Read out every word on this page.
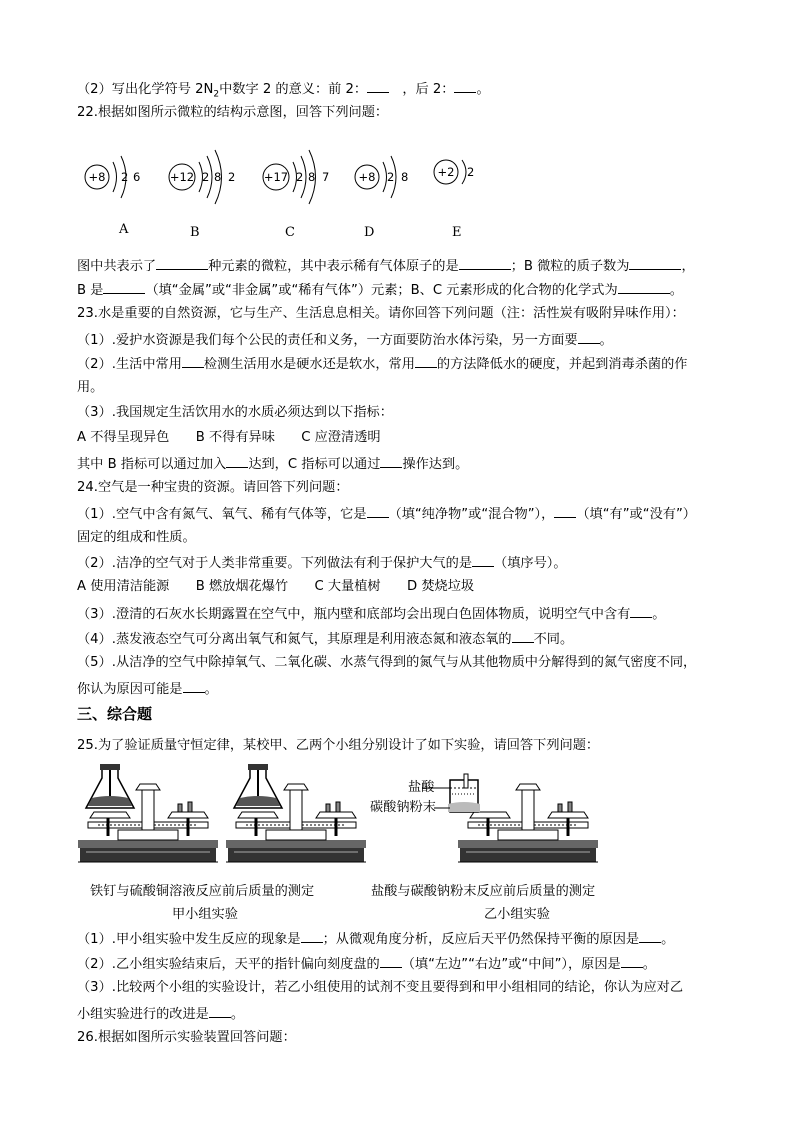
（2）写出化学符号 $2N_2$中数字 2 的意义：前 2：　	，后 2： 。
22.根据如图所示微粒的结构示意图，回答下列问题：
+8 2 6	+12 2 8 2 +17 2 8 7	+8 2 8	+2 2
A	B	C	D	E
图中共表示了	种元素的微粒，其中表示稀有气体原子的是	；B 微粒的质子数为	，
B 是	（填“金属”或“非金属”或“稀有气体”）元素；B、C 元素形成的化合物的化学式为	。
23.水是重要的自然资源，它与生产、生活息息相关。请你回答下列问题（注：活性炭有吸附异味作用）：
（1）.爱护水资源是我们每个公民的责任和义务，一方面要防治水体污染，另一方面要 。
（2）.生活中常用 检测生活用水是硬水还是软水，常用 的方法降低水的硬度，并起到消毒杀菌的作
用。
（3）.我国规定生活饮用水的水质必须达到以下指标：
A 不得呈现异色　　B 不得有异味　　C 应澄清透明
其中 B 指标可以通过加入 达到，C 指标可以通过 操作达到。
24.空气是一种宝贵的资源。请回答下列问题：
（1）.空气中含有氮气、氧气、稀有气体等，它是 （填“纯净物”或“混合物”）， （填“有”或“没有”）
固定的组成和性质。
（2）.洁净的空气对于人类非常重要。下列做法有利于保护大气的是 （填序号）。
A 使用清洁能源　　B 燃放烟花爆竹　　C 大量植树　　D 焚烧垃圾
（3）.澄清的石灰水长期露置在空气中，瓶内壁和底部均会出现白色固体物质，说明空气中含有 。
（4）.蒸发液态空气可分离出氧气和氮气，其原理是利用液态氮和液态氧的 不同。
（5）.从洁净的空气中除掉氧气、二氧化碳、水蒸气得到的氮气与从其他物质中分解得到的氮气密度不同，
你认为原因可能是 。
三、综合题
25.为了验证质量守恒定律，某校甲、乙两个小组分别设计了如下实验，请回答下列问题：
盐酸
碳酸钠粉末
铁钉与硫酸铜溶液反应前后质量的测定
甲小组实验
盐酸与碳酸钠粉末反应前后质量的测定
乙小组实验
（1）.甲小组实验中发生反应的现象是 ；从微观角度分析，反应后天平仍然保持平衡的原因是 。
（2）.乙小组实验结束后，天平的指针偏向刻度盘的 （填“左边”“右边”或“中间”），原因是 。
（3）.比较两个小组的实验设计，若乙小组使用的试剂不变且要得到和甲小组相同的结论，你认为应对乙
小组实验进行的改进是 。
26.根据如图所示实验装置回答问题：
